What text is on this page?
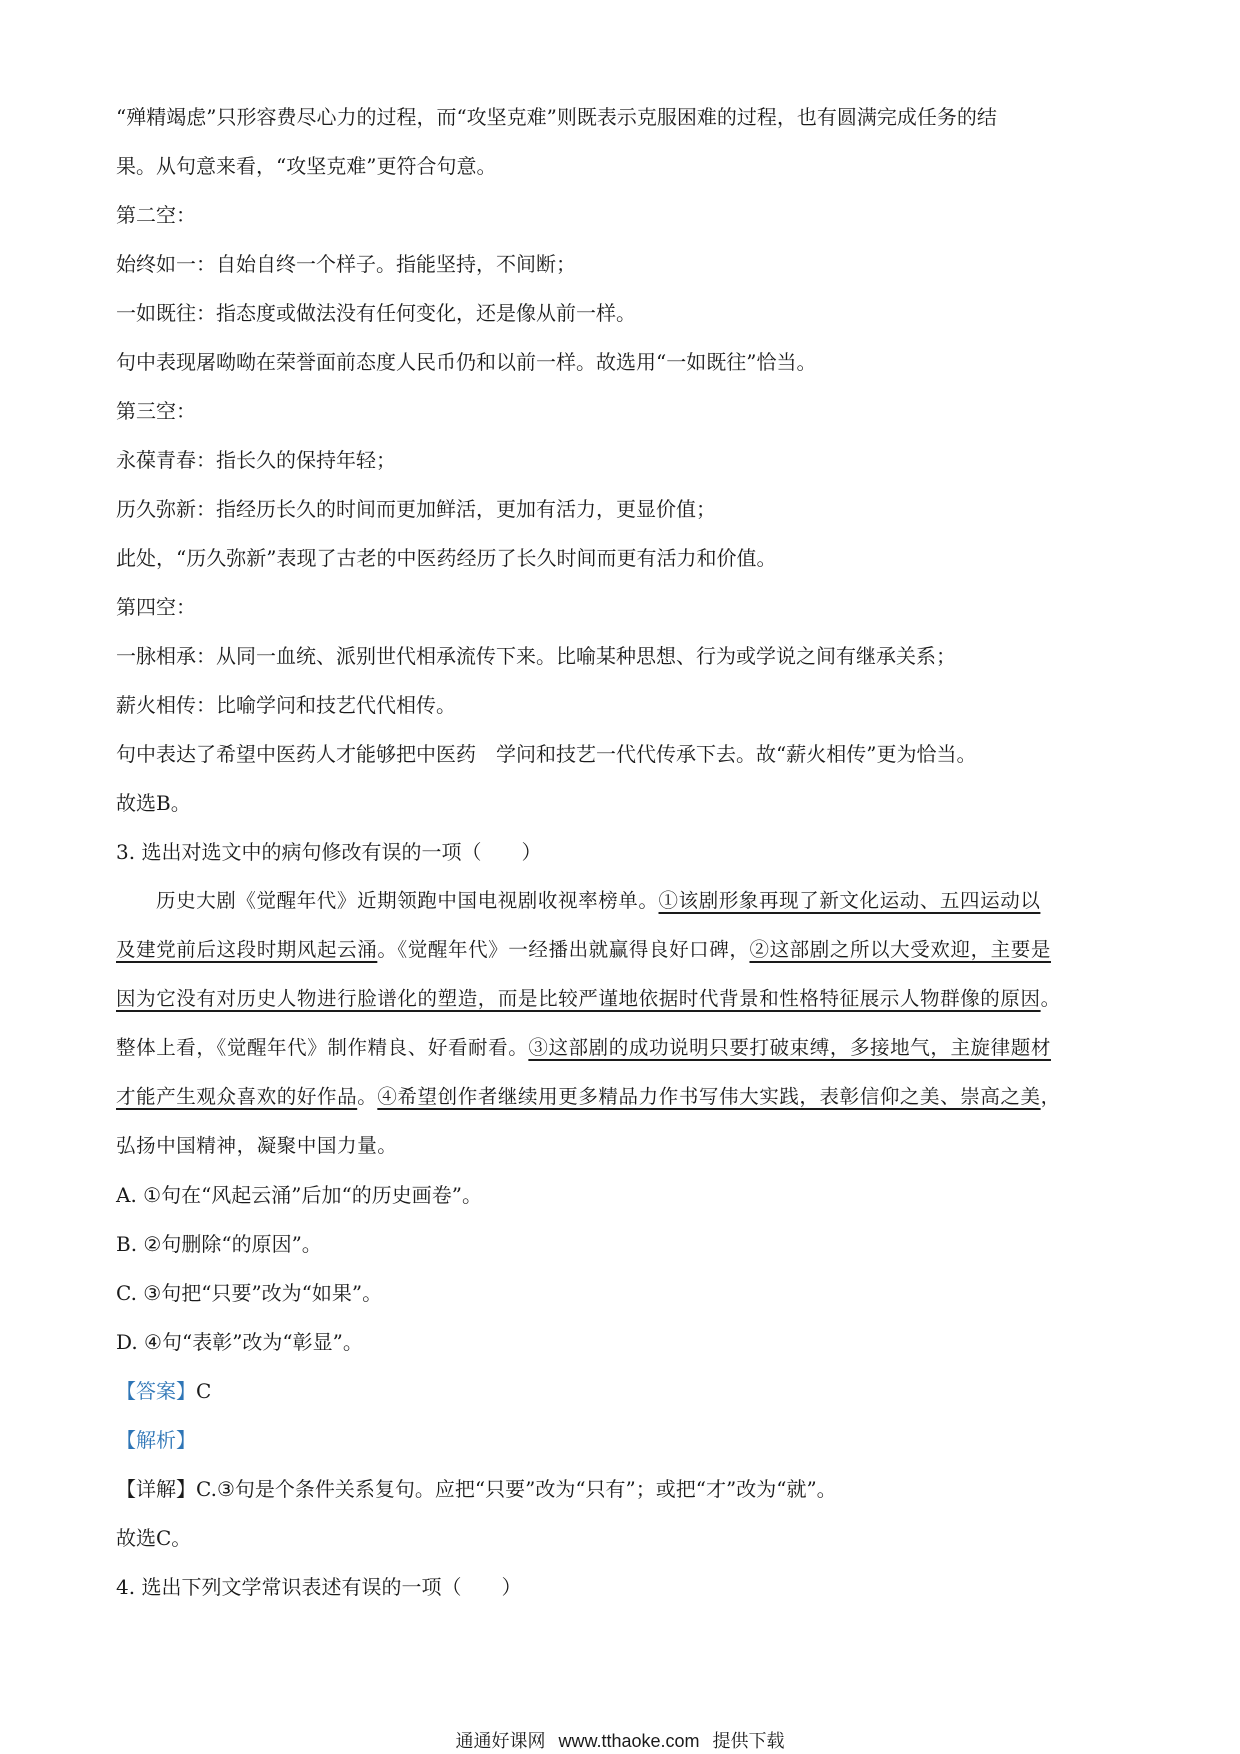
“殚精竭虑”只形容费尽心力的过程，而“攻坚克难”则既表示克服困难的过程，也有圆满完成任务的结
果。从句意来看，“攻坚克难”更符合句意。
第二空：
始终如一：自始自终一个样子。指能坚持，不间断；
一如既往：指态度或做法没有任何变化，还是像从前一样。
句中表现屠呦呦在荣誉面前态度人民币仍和以前一样。故选用“一如既往”恰当。
第三空：
永葆青春：指长久的保持年轻；
历久弥新：指经历长久的时间而更加鲜活，更加有活力，更显价值；
此处，“历久弥新”表现了古老的中医药经历了长久时间而更有活力和价值。
第四空：
一脉相承：从同一血统、派别世代相承流传下来。比喻某种思想、行为或学说之间有继承关系；
薪火相传：比喻学问和技艺代代相传。
句中表达了希望中医药人才能够把中医药　学问和技艺一代代传承下去。故“薪火相传”更为恰当。
故选B。
3. 选出对选文中的病句修改有误的一项（　　）
历史大剧《觉醒年代》近期领跑中国电视剧收视率榜单。①该剧形象再现了新文化运动、五四运动以
及建党前后这段时期风起云涌。《觉醒年代》一经播出就赢得良好口碑，②这部剧之所以大受欢迎，主要是
因为它没有对历史人物进行脸谱化的塑造，而是比较严谨地依据时代背景和性格特征展示人物群像的原因。
整体上看，《觉醒年代》制作精良、好看耐看。③这部剧的成功说明只要打破束缚，多接地气，主旋律题材
才能产生观众喜欢的好作品。④希望创作者继续用更多精品力作书写伟大实践，表彰信仰之美、崇高之美，
弘扬中国精神，凝聚中国力量。
A. ①句在“风起云涌”后加“的历史画卷”。
B. ②句删除“的原因”。
C. ③句把“只要”改为“如果”。
D. ④句“表彰”改为“彰显”。
【答案】C
【解析】
【详解】C.③句是个条件关系复句。应把“只要”改为“只有”；或把“才”改为“就”。
故选C。
4. 选出下列文学常识表述有误的一项（　　）
通通好课网 www.tthaoke.com 提供下载
